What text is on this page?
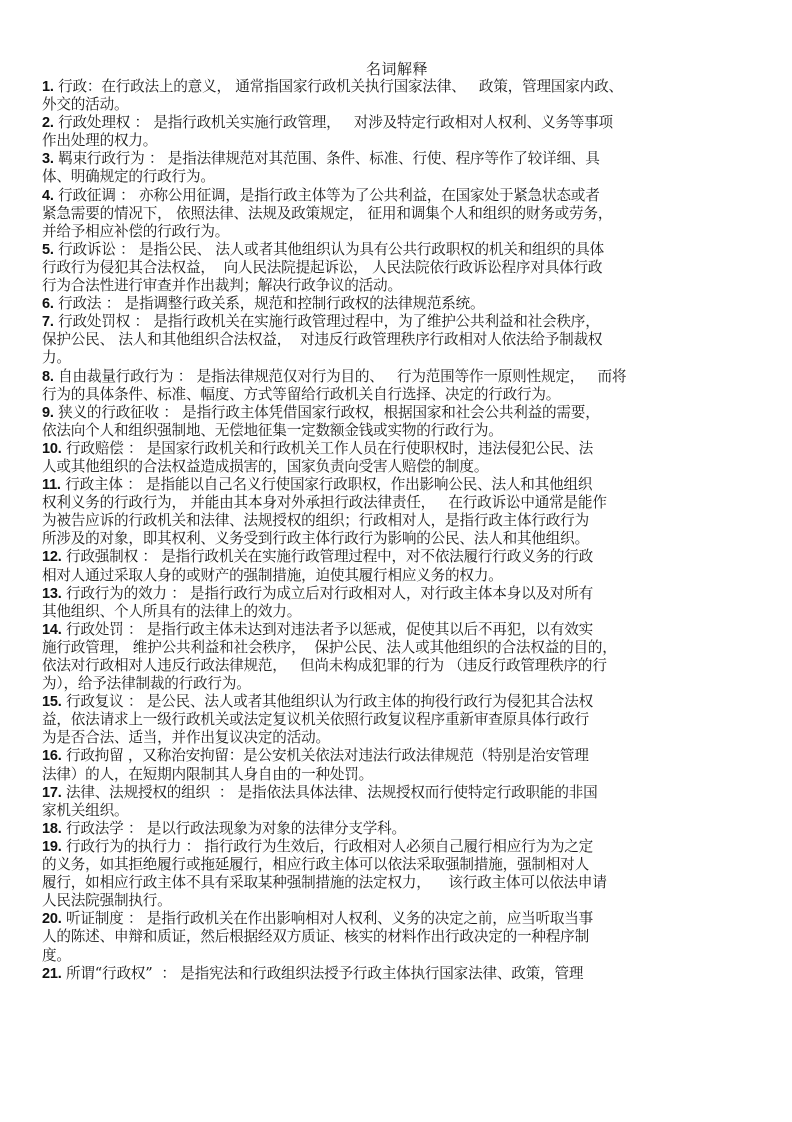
名词解释
1. 行政：在行政法上的意义， 通常指国家行政机关执行国家法律、   政策，管理国家内政、
外交的活动。
2. 行政处理权 ： 是指行政机关实施行政管理，   对涉及特定行政相对人权利、义务等事项
作出处理的权力。
3. 羁束行政行为 ： 是指法律规范对其范围、条件、标准、行使、程序等作了较详细、具
体、明确规定的行政行为。
4. 行政征调 ： 亦称公用征调，是指行政主体等为了公共利益，在国家处于紧急状态或者
紧急需要的情况下， 依照法律、法规及政策规定， 征用和调集个人和组织的财务或劳务，
并给予相应补偿的行政行为。
5. 行政诉讼 ： 是指公民、 法人或者其他组织认为具有公共行政职权的机关和组织的具体
行政行为侵犯其合法权益，  向人民法院提起诉讼， 人民法院依行政诉讼程序对具体行政
行为合法性进行审查并作出裁判；解决行政争议的活动。
6. 行政法 ： 是指调整行政关系，规范和控制行政权的法律规范系统。
7. 行政处罚权 ： 是指行政机关在实施行政管理过程中，为了维护公共利益和社会秩序，
保护公民、 法人和其他组织合法权益，  对违反行政管理秩序行政相对人依法给予制裁权
力。
8. 自由裁量行政行为 ： 是指法律规范仅对行为目的、   行为范围等作一原则性规定，   而将
行为的具体条件、标准、幅度、方式等留给行政机关自行选择、决定的行政行为。
9. 狭义的行政征收 ： 是指行政主体凭借国家行政权，根据国家和社会公共利益的需要，
依法向个人和组织强制地、无偿地征集一定数额金钱或实物的行政行为。
10. 行政赔偿 ： 是国家行政机关和行政机关工作人员在行使职权时，违法侵犯公民、法
人或其他组织的合法权益造成损害的，国家负责向受害人赔偿的制度。
11. 行政主体 ： 是指能以自己名义行使国家行政职权，作出影响公民、法人和其他组织
权利义务的行政行为， 并能由其本身对外承担行政法律责任，   在行政诉讼中通常是能作
为被告应诉的行政机关和法律、法规授权的组织；行政相对人，是指行政主体行政行为
所涉及的对象，即其权利、义务受到行政主体行政行为影响的公民、法人和其他组织。
12. 行政强制权 ： 是指行政机关在实施行政管理过程中，对不依法履行行政义务的行政
相对人通过采取人身的或财产的强制措施，迫使其履行相应义务的权力。
13. 行政行为的效力 ： 是指行政行为成立后对行政相对人，对行政主体本身以及对所有
其他组织、个人所具有的法律上的效力。
14. 行政处罚 ： 是指行政主体未达到对违法者予以惩戒，促使其以后不再犯，以有效实
施行政管理， 维护公共利益和社会秩序，  保护公民、法人或其他组织的合法权益的目的，
依法对行政相对人违反行政法律规范，   但尚未构成犯罪的行为 （违反行政管理秩序的行
为），给予法律制裁的行政行为。
15. 行政复议 ： 是公民、法人或者其他组织认为行政主体的拘役行政行为侵犯其合法权
益，依法请求上一级行政机关或法定复议机关依照行政复议程序重新审查原具体行政行
为是否合法、适当，并作出复议决定的活动。
16. 行政拘留 ，又称治安拘留：是公安机关依法对违法行政法律规范（特别是治安管理
法律）的人，在短期内限制其人身自由的一种处罚。
17. 法律、法规授权的组织  ： 是指依法具体法律、法规授权而行使特定行政职能的非国
家机关组织。
18. 行政法学 ： 是以行政法现象为对象的法律分支学科。
19. 行政行为的执行力 ： 指行政行为生效后，行政相对人必须自己履行相应行为为之定
的义务，如其拒绝履行或拖延履行，相应行政主体可以依法采取强制措施，强制相对人
履行，如相应行政主体不具有采取某种强制措施的法定权力，    该行政主体可以依法申请
人民法院强制执行。
20. 听证制度 ： 是指行政机关在作出影响相对人权利、义务的决定之前，应当听取当事
人的陈述、申辩和质证，然后根据经双方质证、核实的材料作出行政决定的一种程序制
度。
21. 所谓“行政权”  ： 是指宪法和行政组织法授予行政主体执行国家法律、政策，管理
